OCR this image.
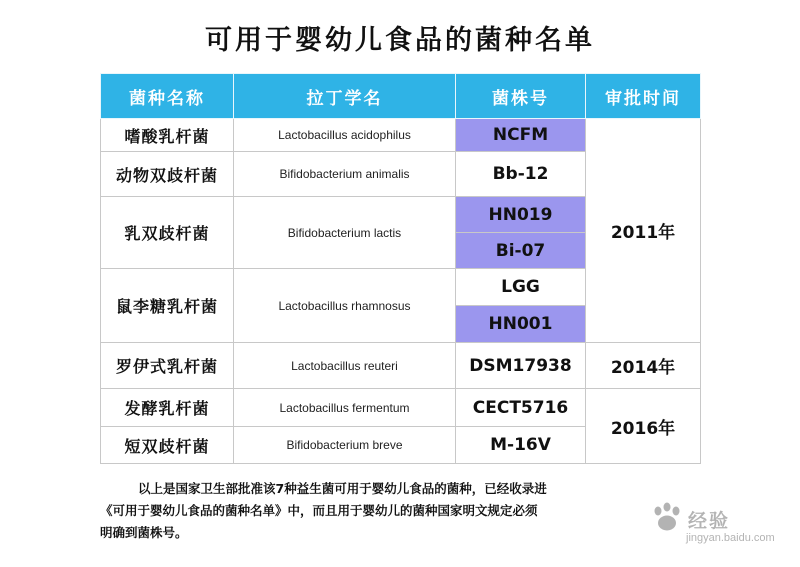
可用于婴幼儿食品的菌种名单
菌种名称	拉丁学名	菌株号	审批时间
嗜酸乳杆菌	Lactobacillus acidophilus	NCFM	2011年
动物双歧杆菌	Bifidobacterium animalis	Bb-12	
乳双歧杆菌	Bifidobacterium lactis	HN019	
		Bi-07	
鼠李糖乳杆菌	Lactobacillus rhamnosus	LGG	
		HN001	
罗伊式乳杆菌	Lactobacillus reuteri	DSM17938	2014年
发酵乳杆菌	Lactobacillus fermentum	CECT5716	2016年
短双歧杆菌	Bifidobacterium breve	M-16V	

以上是国家卫生部批准该7种益生菌可用于婴幼儿食品的菌种，已经收录进

《可用于婴幼儿食品的菌种名单》中，而且用于婴幼儿的菌种国家明文规定必须

明确到菌株号。

经验
jingyan.baidu.com
